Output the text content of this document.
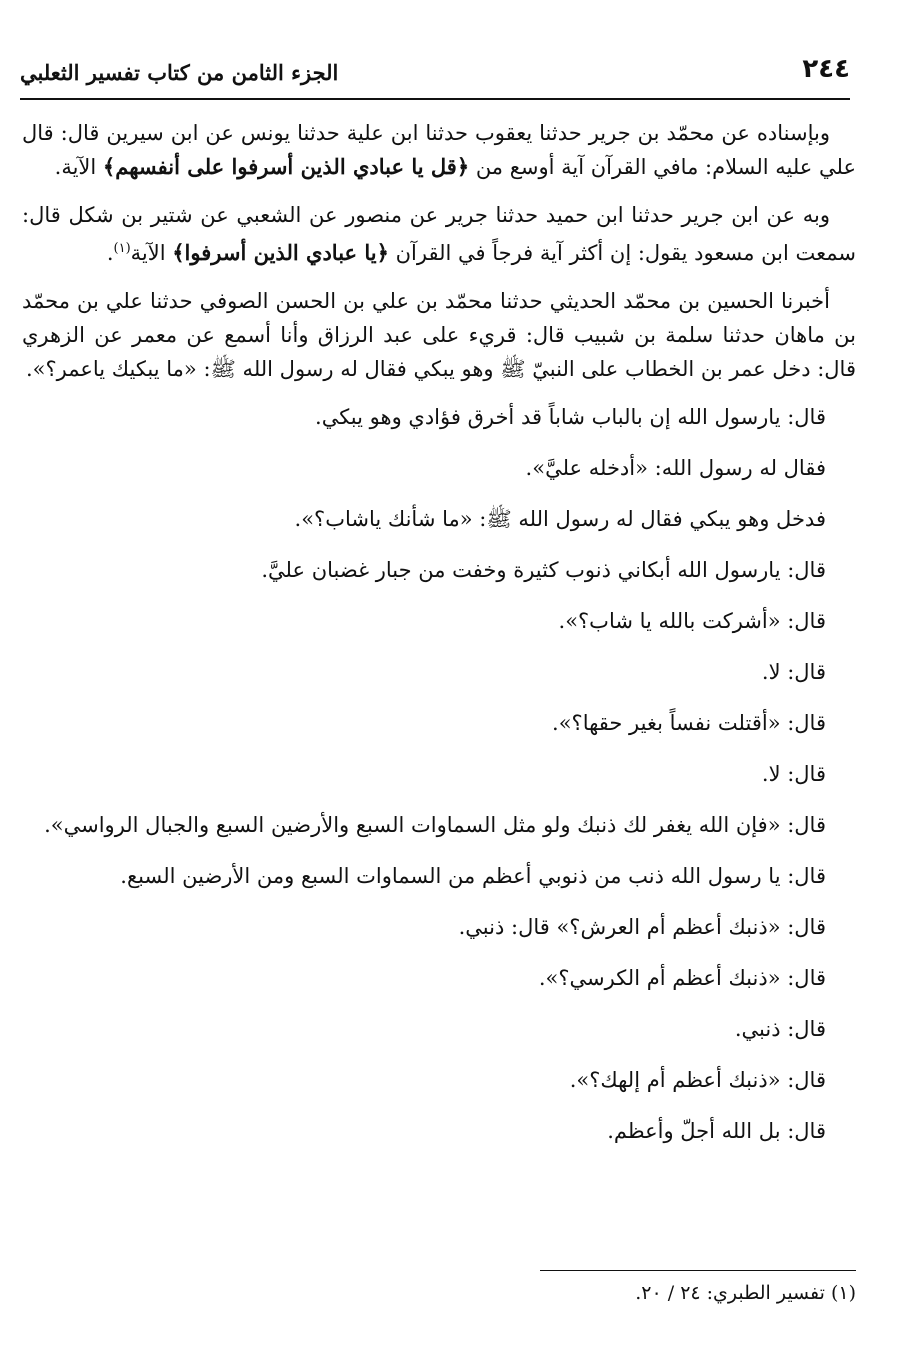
٢٤٤
الجزء الثامن من كتاب تفسير الثعلبي

وبإسناده عن محمّد بن جرير حدثنا يعقوب حدثنا ابن علية حدثنا يونس عن ابن سيرين قال: قال علي عليه السلام: مافي القرآن آية أوسع من ﴿قل يا عبادي الذين أسرفوا على أنفسهم﴾ الآية.

وبه عن ابن جرير حدثنا ابن حميد حدثنا جرير عن منصور عن الشعبي عن شتير بن شكل قال: سمعت ابن مسعود يقول: إن أكثر آية فرجاً في القرآن ﴿يا عبادي الذين أسرفوا﴾ الآية$^{(١)}$.

أخبرنا الحسين بن محمّد الحديثي حدثنا محمّد بن علي بن الحسن الصوفي حدثنا علي بن محمّد بن ماهان حدثنا سلمة بن شبيب قال: قريء على عبد الرزاق وأنا أسمع عن معمر عن الزهري قال: دخل عمر بن الخطاب على النبيّ ﷺ وهو يبكي فقال له رسول الله ﷺ: «ما يبكيك ياعمر؟».

قال: يارسول الله إن بالباب شاباً قد أخرق فؤادي وهو يبكي.

فقال له رسول الله: «أدخله عليَّ».

فدخل وهو يبكي فقال له رسول الله ﷺ: «ما شأنك ياشاب؟».

قال: يارسول الله أبكاني ذنوب كثيرة وخفت من جبار غضبان عليَّ.

قال: «أشركت بالله يا شاب؟».

قال: لا.

قال: «أقتلت نفساً بغير حقها؟».

قال: لا.

قال: «فإن الله يغفر لك ذنبك ولو مثل السماوات السبع والأرضين السبع والجبال الرواسي».

قال: يا رسول الله ذنب من ذنوبي أعظم من السماوات السبع ومن الأرضين السبع.

قال: «ذنبك أعظم أم العرش؟» قال: ذنبي.

قال: «ذنبك أعظم أم الكرسي؟».

قال: ذنبي.

قال: «ذنبك أعظم أم إلهك؟».

قال: بل الله أجلّ وأعظم.

(١) تفسير الطبري: ٢٤ / ٢٠.
